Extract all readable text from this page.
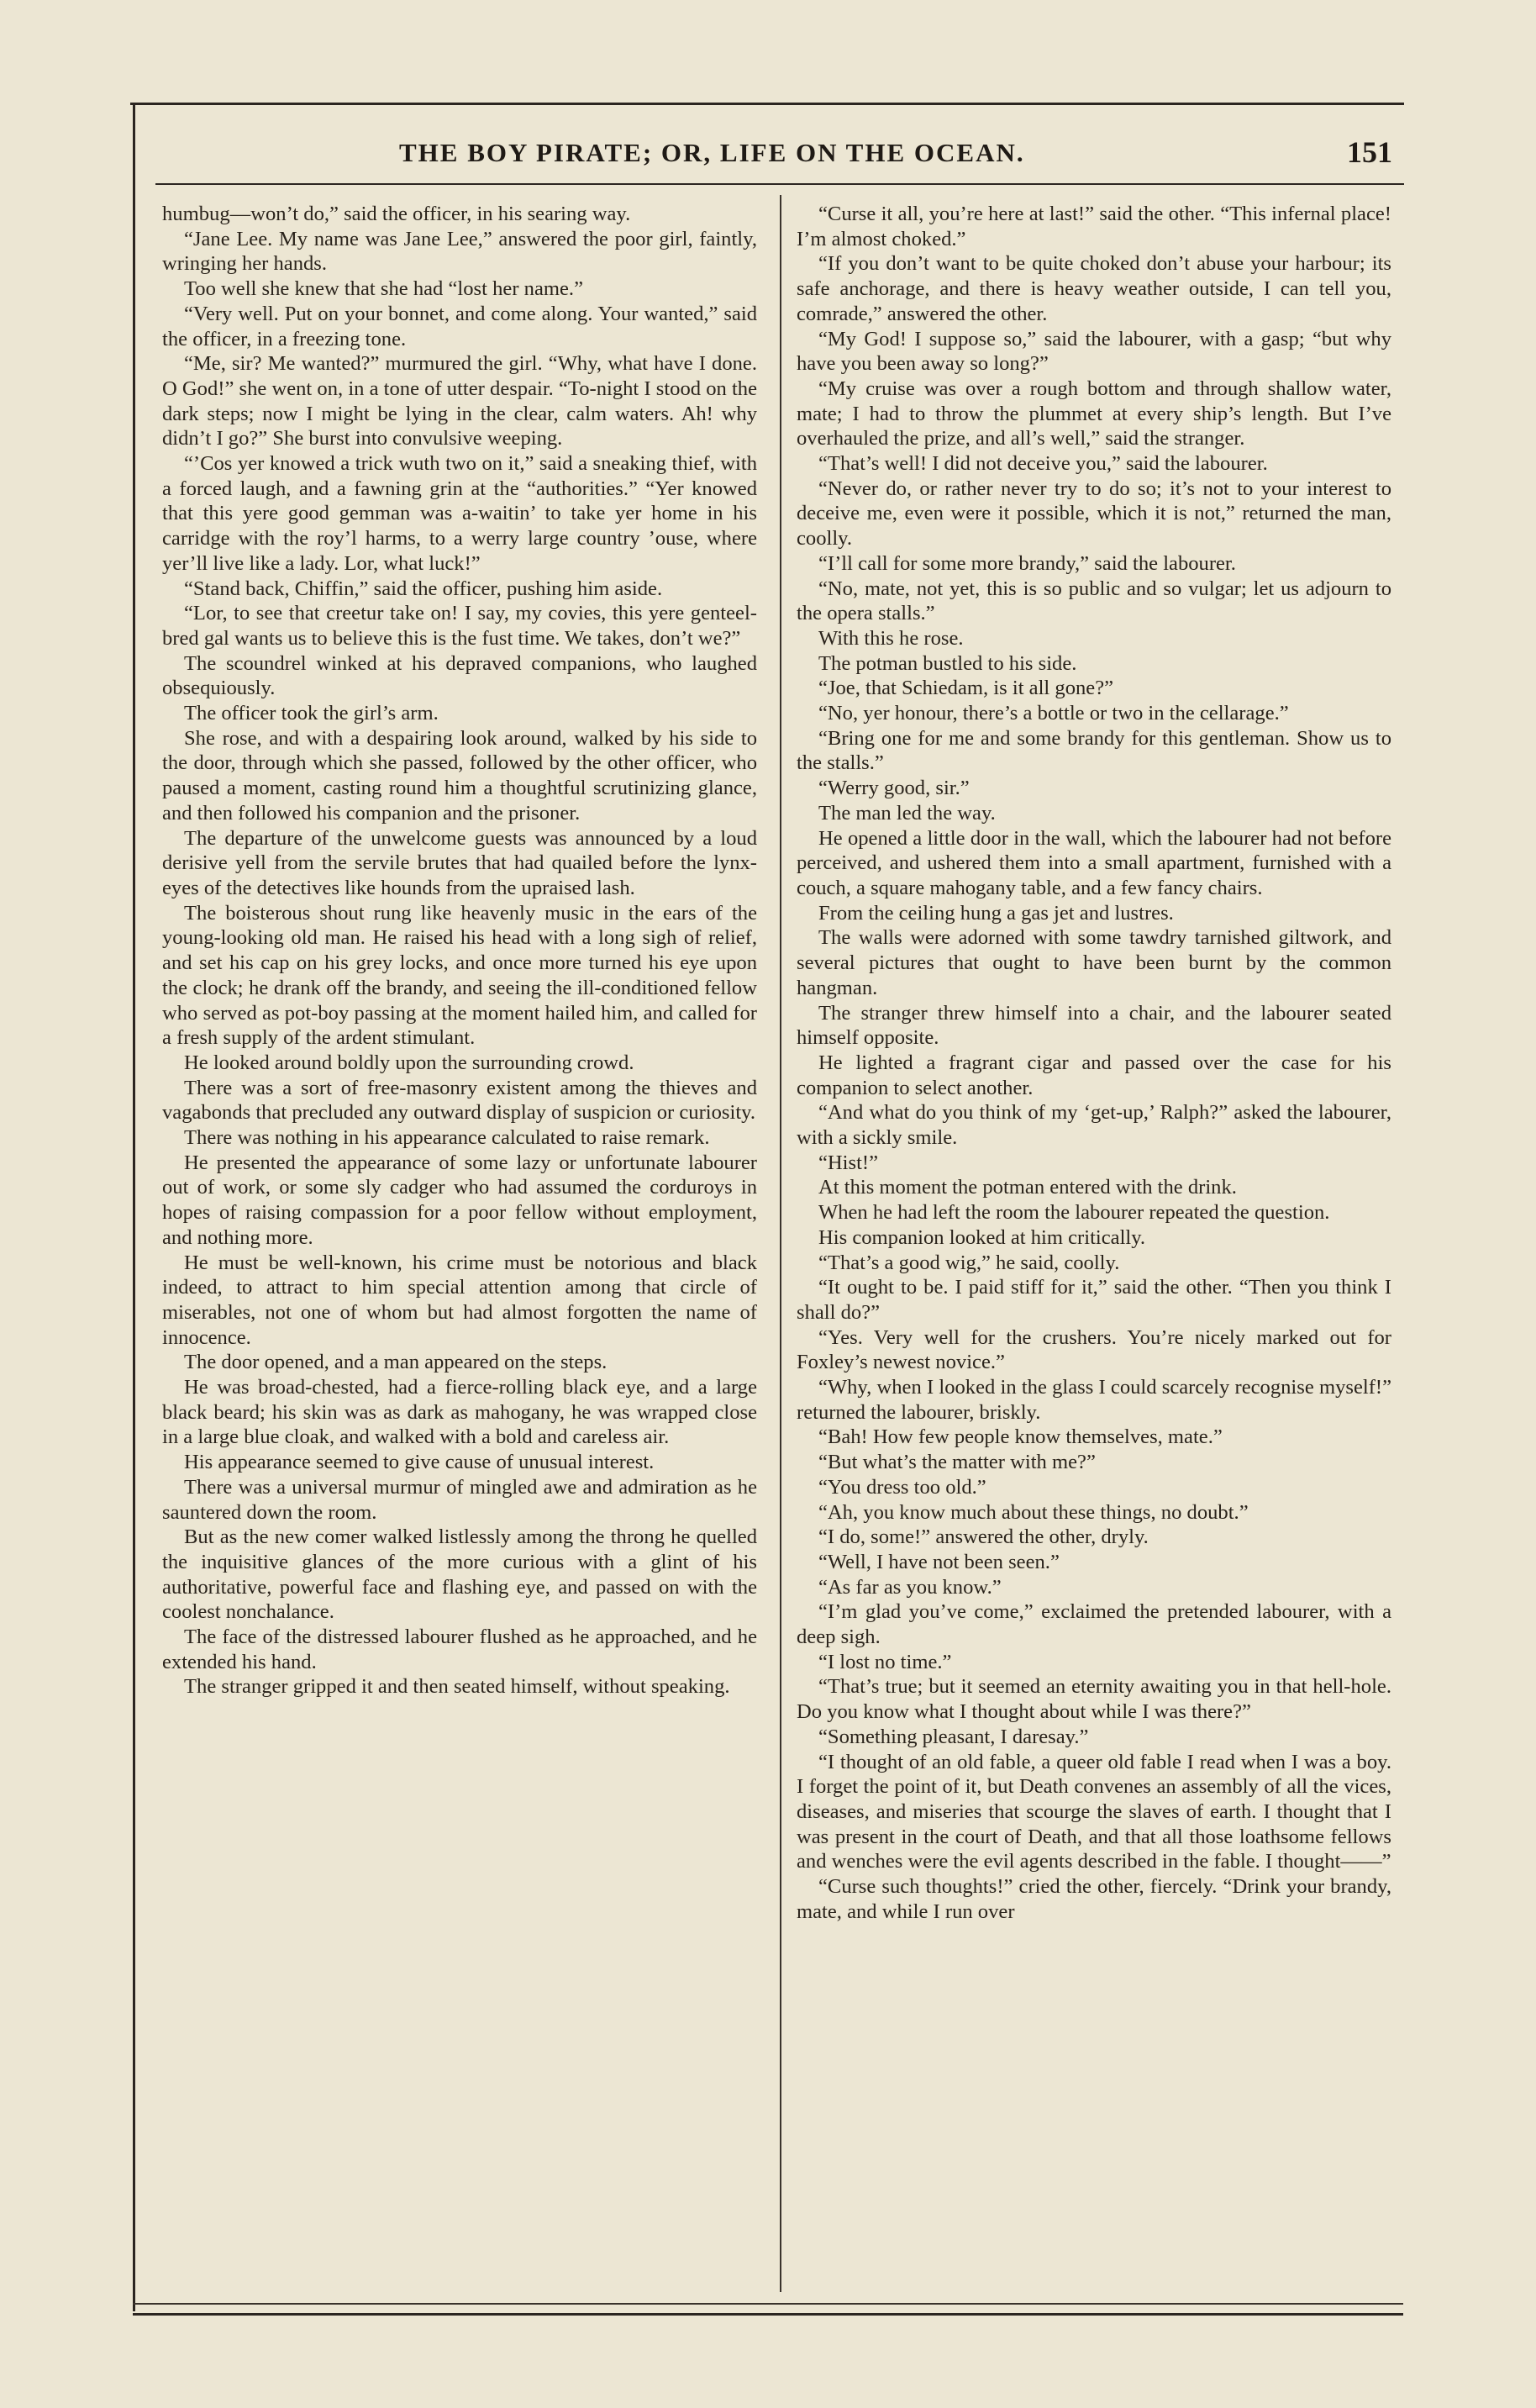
THE BOY PIRATE; OR, LIFE ON THE OCEAN.	151

humbug—won’t do,” said the officer, in his searing way.

“Jane Lee. My name was Jane Lee,” answered the poor girl, faintly, wringing her hands.

Too well she knew that she had “lost her name.”

“Very well. Put on your bonnet, and come along. Your wanted,” said the officer, in a freezing tone.

“Me, sir? Me wanted?” murmured the girl. “Why, what have I done. O God!” she went on, in a tone of utter despair. “To-night I stood on the dark steps; now I might be lying in the clear, calm waters. Ah! why didn’t I go?” She burst into convulsive weeping.

“’Cos yer knowed a trick wuth two on it,” said a sneaking thief, with a forced laugh, and a fawning grin at the “authorities.” “Yer knowed that this yere good gemman was a-waitin’ to take yer home in his carridge with the roy’l harms, to a werry large country ’ouse, where yer’ll live like a lady. Lor, what luck!”

“Stand back, Chiffin,” said the officer, pushing him aside.

“Lor, to see that creetur take on! I say, my covies, this yere genteel-bred gal wants us to believe this is the fust time. We takes, don’t we?”

The scoundrel winked at his depraved companions, who laughed obsequiously.

The officer took the girl’s arm.

She rose, and with a despairing look around, walked by his side to the door, through which she passed, followed by the other officer, who paused a moment, casting round him a thoughtful scrutinizing glance, and then followed his companion and the prisoner.

The departure of the unwelcome guests was announced by a loud derisive yell from the servile brutes that had quailed before the lynx-eyes of the detectives like hounds from the upraised lash.

The boisterous shout rung like heavenly music in the ears of the young-looking old man. He raised his head with a long sigh of relief, and set his cap on his grey locks, and once more turned his eye upon the clock; he drank off the brandy, and seeing the ill-conditioned fellow who served as pot-boy passing at the moment hailed him, and called for a fresh supply of the ardent stimulant.

He looked around boldly upon the surrounding crowd.

There was a sort of free-masonry existent among the thieves and vagabonds that precluded any outward display of suspicion or curiosity.

There was nothing in his appearance calculated to raise remark.

He presented the appearance of some lazy or unfortunate labourer out of work, or some sly cadger who had assumed the corduroys in hopes of raising compassion for a poor fellow without employment, and nothing more.

He must be well-known, his crime must be notorious and black indeed, to attract to him special attention among that circle of miserables, not one of whom but had almost forgotten the name of innocence.

The door opened, and a man appeared on the steps.

He was broad-chested, had a fierce-rolling black eye, and a large black beard; his skin was as dark as mahogany, he was wrapped close in a large blue cloak, and walked with a bold and careless air.

His appearance seemed to give cause of unusual interest.

There was a universal murmur of mingled awe and admiration as he sauntered down the room.

But as the new comer walked listlessly among the throng he quelled the inquisitive glances of the more curious with a glint of his authoritative, powerful face and flashing eye, and passed on with the coolest nonchalance.

The face of the distressed labourer flushed as he approached, and he extended his hand.

The stranger gripped it and then seated himself, without speaking.

“Curse it all, you’re here at last!” said the other. “This infernal place! I’m almost choked.”

“If you don’t want to be quite choked don’t abuse your harbour; its safe anchorage, and there is heavy weather outside, I can tell you, comrade,” answered the other.

“My God! I suppose so,” said the labourer, with a gasp; “but why have you been away so long?”

“My cruise was over a rough bottom and through shallow water, mate; I had to throw the plummet at every ship’s length. But I’ve overhauled the prize, and all’s well,” said the stranger.

“That’s well! I did not deceive you,” said the labourer.

“Never do, or rather never try to do so; it’s not to your interest to deceive me, even were it possible, which it is not,” returned the man, coolly.

“I’ll call for some more brandy,” said the labourer.

“No, mate, not yet, this is so public and so vulgar; let us adjourn to the opera stalls.”

With this he rose.

The potman bustled to his side.

“Joe, that Schiedam, is it all gone?”

“No, yer honour, there’s a bottle or two in the cellarage.”

“Bring one for me and some brandy for this gentleman. Show us to the stalls.”

“Werry good, sir.”

The man led the way.

He opened a little door in the wall, which the labourer had not before perceived, and ushered them into a small apartment, furnished with a couch, a square mahogany table, and a few fancy chairs.

From the ceiling hung a gas jet and lustres.

The walls were adorned with some tawdry tarnished giltwork, and several pictures that ought to have been burnt by the common hangman.

The stranger threw himself into a chair, and the labourer seated himself opposite.

He lighted a fragrant cigar and passed over the case for his companion to select another.

“And what do you think of my ‘get-up,’ Ralph?” asked the labourer, with a sickly smile.

“Hist!”

At this moment the potman entered with the drink.

When he had left the room the labourer repeated the question.

His companion looked at him critically.

“That’s a good wig,” he said, coolly.

“It ought to be. I paid stiff for it,” said the other. “Then you think I shall do?”

“Yes. Very well for the crushers. You’re nicely marked out for Foxley’s newest novice.”

“Why, when I looked in the glass I could scarcely recognise myself!” returned the labourer, briskly.

“Bah! How few people know themselves, mate.”

“But what’s the matter with me?”

“You dress too old.”

“Ah, you know much about these things, no doubt.”

“I do, some!” answered the other, dryly.

“Well, I have not been seen.”

“As far as you know.”

“I’m glad you’ve come,” exclaimed the pretended labourer, with a deep sigh.

“I lost no time.”

“That’s true; but it seemed an eternity awaiting you in that hell-hole. Do you know what I thought about while I was there?”

“Something pleasant, I daresay.”

“I thought of an old fable, a queer old fable I read when I was a boy. I forget the point of it, but Death convenes an assembly of all the vices, diseases, and miseries that scourge the slaves of earth. I thought that I was present in the court of Death, and that all those loathsome fellows and wenches were the evil agents described in the fable. I thought——”

“Curse such thoughts!” cried the other, fiercely. “Drink your brandy, mate, and while I run over
